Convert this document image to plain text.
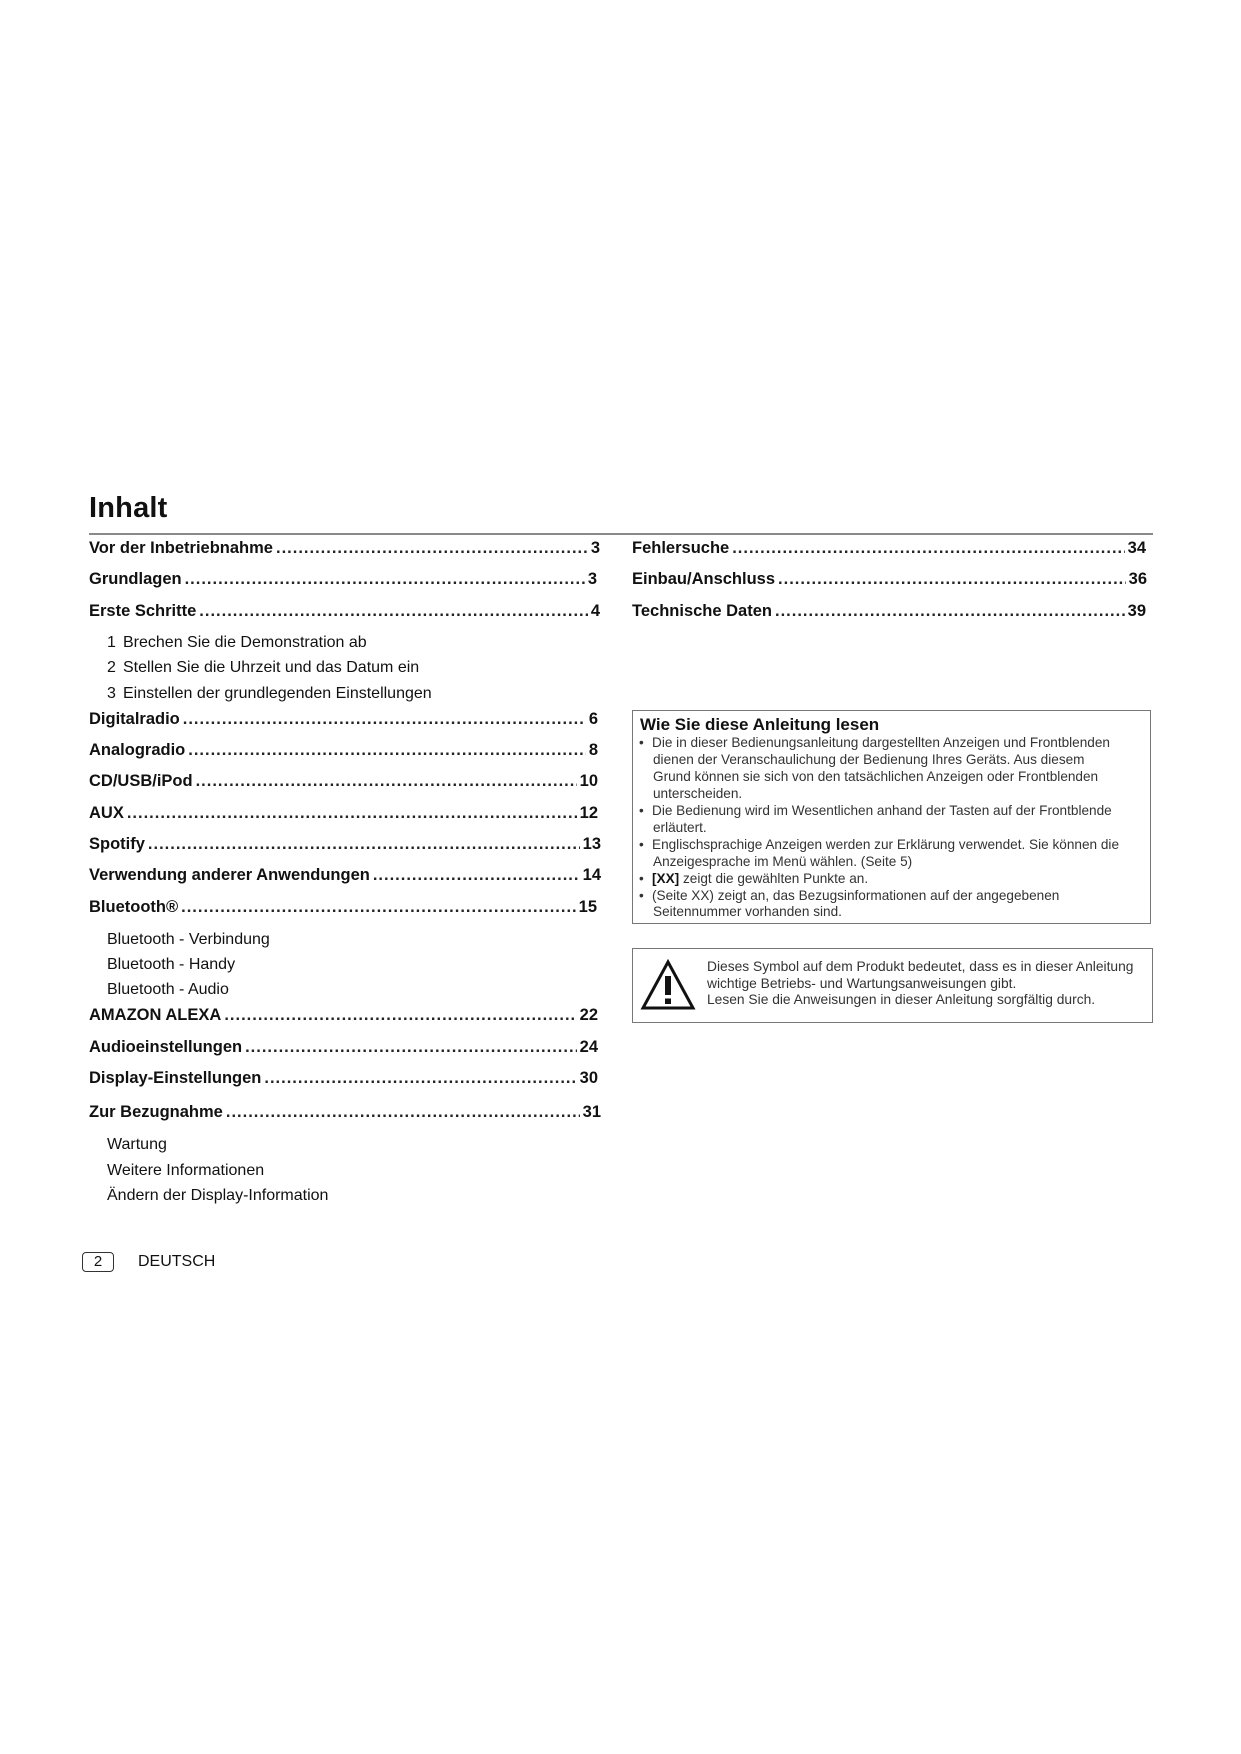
Inhalt
Vor der Inbetriebnahme .....	3
Grundlagen .....	3
Erste Schritte .....	4
1 Brechen Sie die Demonstration ab
2 Stellen Sie die Uhrzeit und das Datum ein
3 Einstellen der grundlegenden Einstellungen
Digitalradio .....	6
Analogradio .....	8
CD/USB/iPod .....	10
AUX .....	12
Spotify .....	13
Verwendung anderer Anwendungen .....	14
Bluetooth® .....	15
Bluetooth - Verbindung
Bluetooth - Handy
Bluetooth - Audio
AMAZON ALEXA .....	22
Audioeinstellungen .....	24
Display-Einstellungen .....	30
Zur Bezugnahme .....	31
Wartung
Weitere Informationen
Ändern der Display-Information
Fehlersuche .....	34
Einbau/Anschluss .....	36
Technische Daten .....	39
Wie Sie diese Anleitung lesen
• Die in dieser Bedienungsanleitung dargestellten Anzeigen und Frontblenden
dienen der Veranschaulichung der Bedienung Ihres Geräts. Aus diesem
Grund können sie sich von den tatsächlichen Anzeigen oder Frontblenden
unterscheiden.
• Die Bedienung wird im Wesentlichen anhand der Tasten auf der Frontblende
erläutert.
• Englischsprachige Anzeigen werden zur Erklärung verwendet. Sie können die
Anzeigesprache im Menü wählen. (Seite 5)
• [XX] zeigt die gewählten Punkte an.
• (Seite XX) zeigt an, das Bezugsinformationen auf der angegebenen
Seitennummer vorhanden sind.
Dieses Symbol auf dem Produkt bedeutet, dass es in dieser Anleitung
wichtige Betriebs- und Wartungsanweisungen gibt.
Lesen Sie die Anweisungen in dieser Anleitung sorgfältig durch.
2	DEUTSCH
